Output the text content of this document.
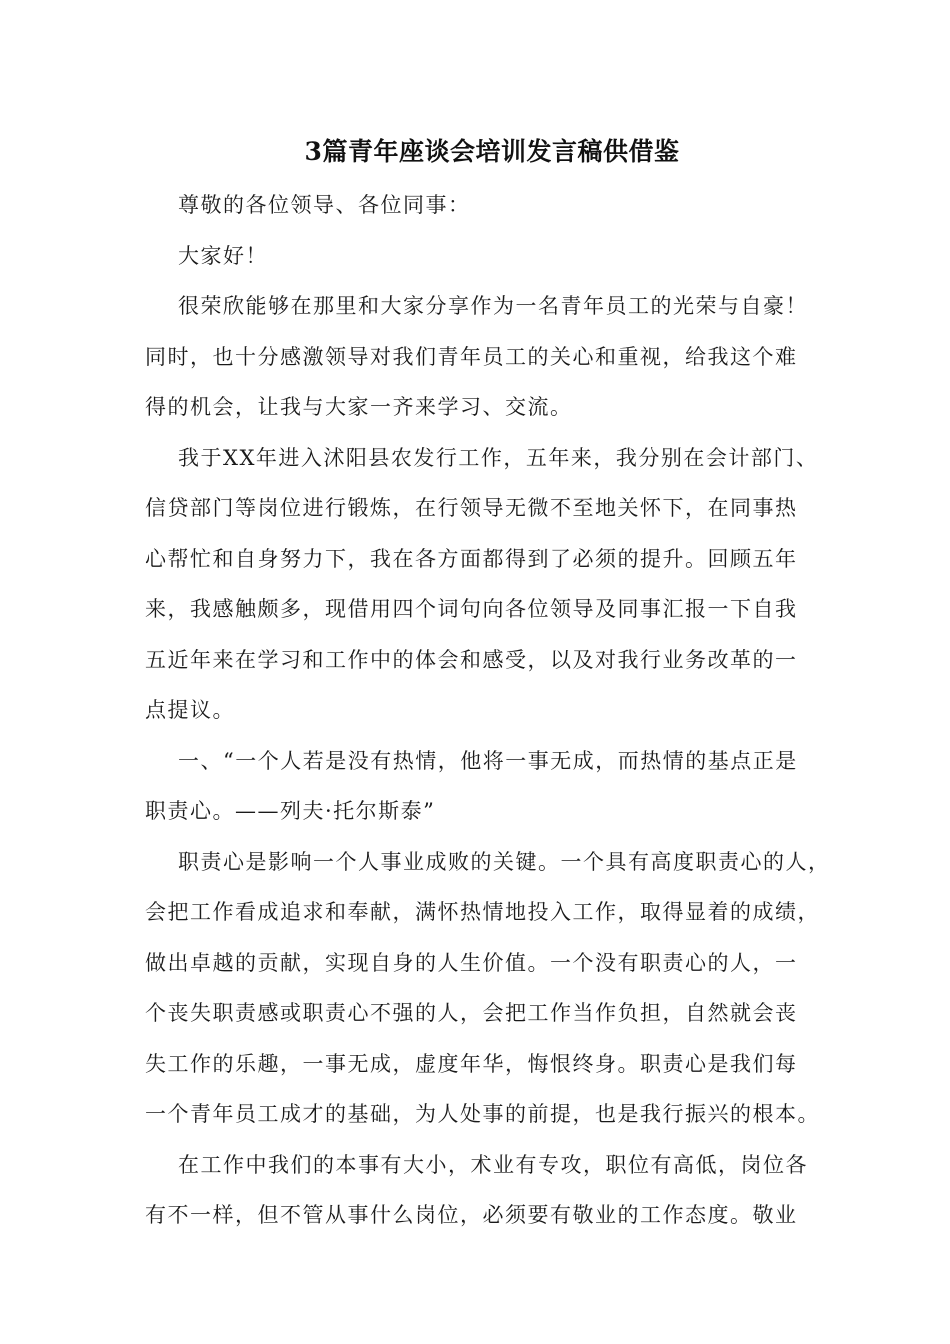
3篇青年座谈会培训发言稿供借鉴
尊敬的各位领导、各位同事：
大家好！
很荣欣能够在那里和大家分享作为一名青年员工的光荣与自豪！
同时，也十分感激领导对我们青年员工的关心和重视，给我这个难
得的机会，让我与大家一齐来学习、交流。
我于XX年进入沭阳县农发行工作，五年来，我分别在会计部门、
信贷部门等岗位进行锻炼，在行领导无微不至地关怀下，在同事热
心帮忙和自身努力下，我在各方面都得到了必须的提升。回顾五年
来，我感触颇多，现借用四个词句向各位领导及同事汇报一下自我
五近年来在学习和工作中的体会和感受，以及对我行业务改革的一
点提议。
一、“一个人若是没有热情，他将一事无成，而热情的基点正是
职责心。——列夫·托尔斯泰”
职责心是影响一个人事业成败的关键。一个具有高度职责心的人，
会把工作看成追求和奉献，满怀热情地投入工作，取得显着的成绩，
做出卓越的贡献，实现自身的人生价值。一个没有职责心的人，一
个丧失职责感或职责心不强的人，会把工作当作负担，自然就会丧
失工作的乐趣，一事无成，虚度年华，悔恨终身。职责心是我们每
一个青年员工成才的基础，为人处事的前提，也是我行振兴的根本。
在工作中我们的本事有大小，术业有专攻，职位有高低，岗位各
有不一样，但不管从事什么岗位，必须要有敬业的工作态度。敬业
